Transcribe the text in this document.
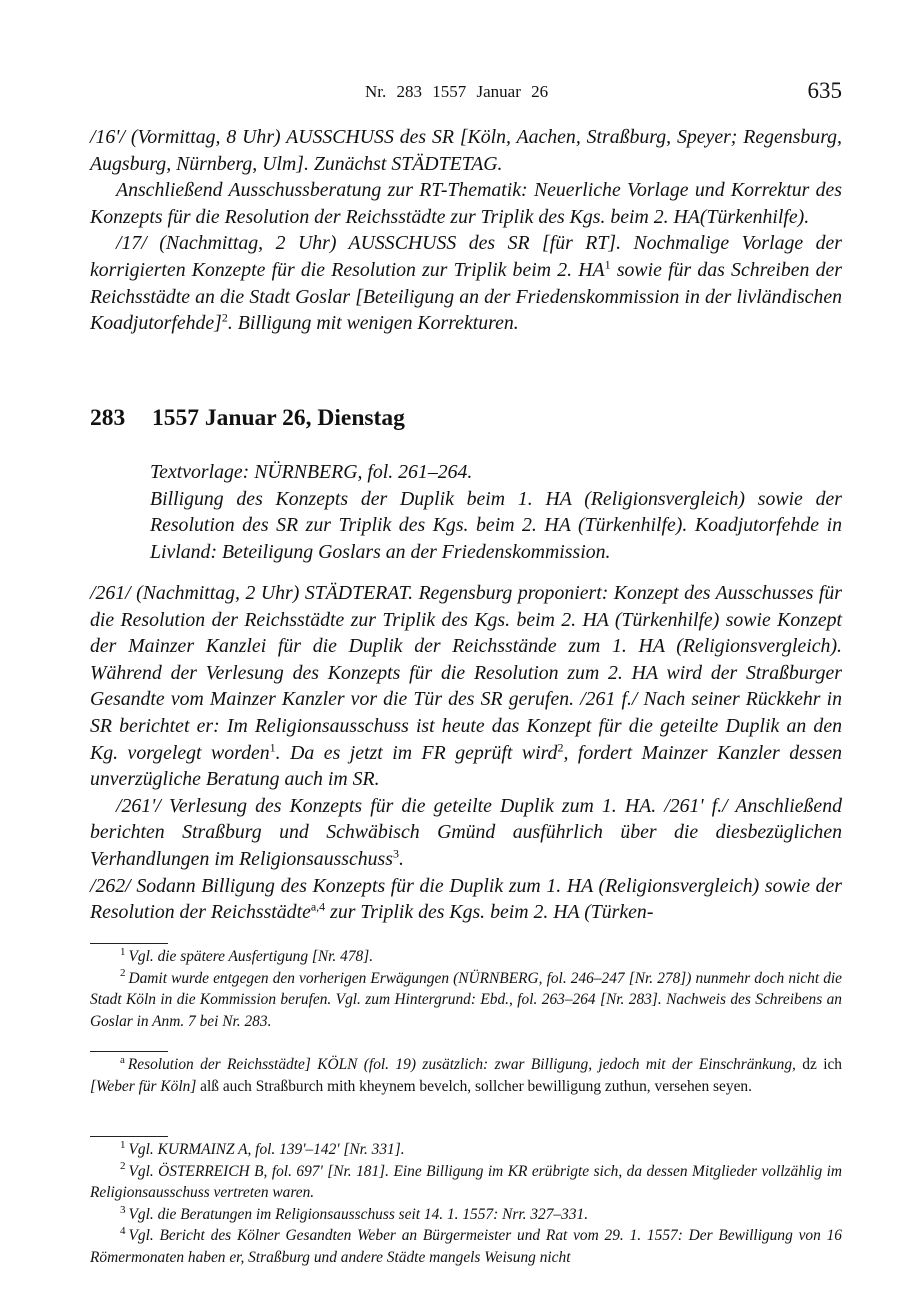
Nr. 283 1557 Januar 26	635

/16'/ (Vormittag, 8 Uhr) AUSSCHUSS des SR [Köln, Aachen, Straßburg, Speyer; Regensburg, Augsburg, Nürnberg, Ulm]. Zunächst STÄDTETAG.

Anschließend Ausschussberatung zur RT-Thematik: Neuerliche Vorlage und Korrektur des Konzepts für die Resolution der Reichsstädte zur Triplik des Kgs. beim 2. HA(Türkenhilfe).

/17/ (Nachmittag, 2 Uhr) AUSSCHUSS des SR [für RT]. Nochmalige Vorlage der korrigierten Konzepte für die Resolution zur Triplik beim 2. $HA^1$ sowie für das Schreiben der Reichsstädte an die Stadt Goslar [Beteiligung an der Friedenskommission in der livländischen Koadjutorfehde]$^2$. Billigung mit wenigen Korrekturen.

283 1557 Januar 26, Dienstag

Textvorlage: NÜRNBERG, fol. 261–264.

Billigung des Konzepts der Duplik beim 1. HA (Religionsvergleich) sowie der Resolution des SR zur Triplik des Kgs. beim 2. HA (Türkenhilfe). Koadjutorfehde in Livland: Beteiligung Goslars an der Friedenskommission.

/261/ (Nachmittag, 2 Uhr) STÄDTERAT. Regensburg proponiert: Konzept des Ausschusses für die Resolution der Reichsstädte zur Triplik des Kgs. beim 2. HA (Türkenhilfe) sowie Konzept der Mainzer Kanzlei für die Duplik der Reichsstände zum 1. HA (Religionsvergleich). Während der Verlesung des Konzepts für die Resolution zum 2. HA wird der Straßburger Gesandte vom Mainzer Kanzler vor die Tür des SR gerufen. /261 f./ Nach seiner Rückkehr in SR berichtet er: Im Religionsausschuss ist heute das Konzept für die geteilte Duplik an den Kg. vorgelegt worden$^1$. Da es jetzt im FR geprüft wird$^2$, fordert Mainzer Kanzler dessen unverzügliche Beratung auch im SR.

/261'/ Verlesung des Konzepts für die geteilte Duplik zum 1. HA. /261' f./ Anschließend berichten Straßburg und Schwäbisch Gmünd ausführlich über die diesbezüglichen Verhandlungen im Religionsausschuss$^3$.

/262/ Sodann Billigung des Konzepts für die Duplik zum 1. HA (Religionsvergleich) sowie der Resolution der Reichsstädte$^{a,4}$ zur Triplik des Kgs. beim 2. HA (Türken-

$^1$ Vgl. die spätere Ausfertigung [Nr. 478].

$^2$ Damit wurde entgegen den vorherigen Erwägungen (NÜRNBERG, fol. 246–247 [Nr. 278]) nunmehr doch nicht die Stadt Köln in die Kommission berufen. Vgl. zum Hintergrund: Ebd., fol. 263–264 [Nr. 283]. Nachweis des Schreibens an Goslar in Anm. 7 bei Nr. 283.

$^a$ Resolution der Reichsstädte] KÖLN (fol. 19) zusätzlich: zwar Billigung, jedoch mit der Einschränkung, dz ich [Weber für Köln] alß auch Straßburch mith kheynem bevelch, sollcher bewilligung zuthun, versehen seyen.

$^1$ Vgl. KURMAINZ A, fol. 139'–142' [Nr. 331].

$^2$ Vgl. ÖSTERREICH B, fol. 697' [Nr. 181]. Eine Billigung im KR erübrigte sich, da dessen Mitglieder vollzählig im Religionsausschuss vertreten waren.

$^3$ Vgl. die Beratungen im Religionsausschuss seit 14. 1. 1557: Nrr. 327–331.

$^4$ Vgl. Bericht des Kölner Gesandten Weber an Bürgermeister und Rat vom 29. 1. 1557: Der Bewilligung von 16 Römermonaten haben er, Straßburg und andere Städte mangels Weisung nicht
